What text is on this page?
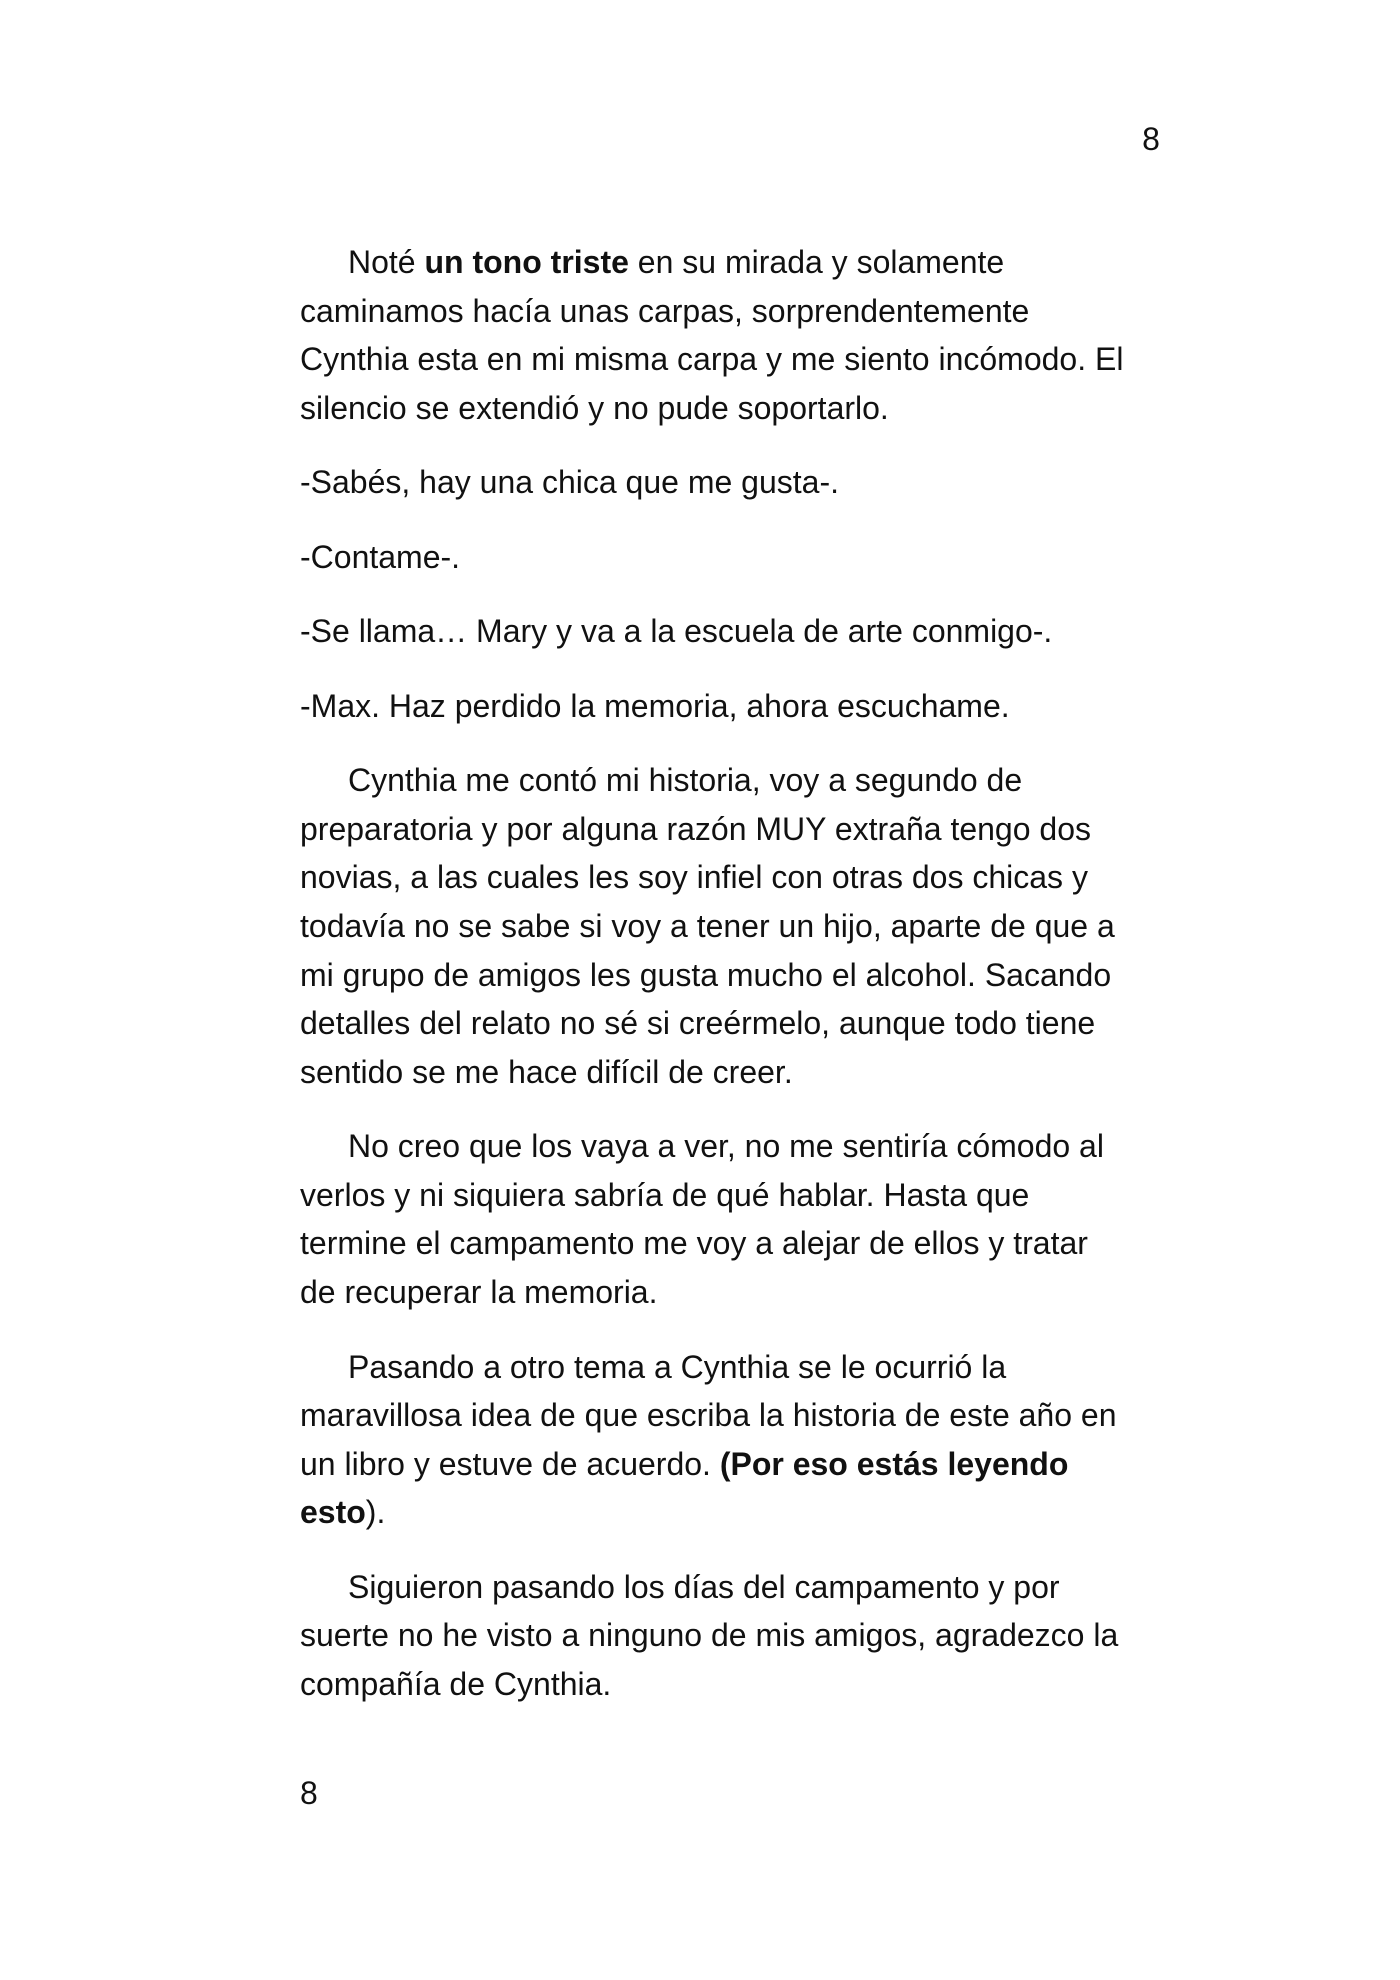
8
Noté un tono triste en su mirada y solamente
caminamos hacía unas carpas, sorprendentemente
Cynthia esta en mi misma carpa y me siento incómodo. El
silencio se extendió y no pude soportarlo.
-Sabés, hay una chica que me gusta-.
-Contame-.
-Se llama… Mary y va a la escuela de arte conmigo-.
-Max. Haz perdido la memoria, ahora escuchame.
Cynthia me contó mi historia, voy a segundo de
preparatoria y por alguna razón MUY extraña tengo dos
novias, a las cuales les soy infiel con otras dos chicas y
todavía no se sabe si voy a tener un hijo, aparte de que a
mi grupo de amigos les gusta mucho el alcohol. Sacando
detalles del relato no sé si creérmelo, aunque todo tiene
sentido se me hace difícil de creer.
No creo que los vaya a ver, no me sentiría cómodo al
verlos y ni siquiera sabría de qué hablar. Hasta que
termine el campamento me voy a alejar de ellos y tratar
de recuperar la memoria.
Pasando a otro tema a Cynthia se le ocurrió la
maravillosa idea de que escriba la historia de este año en
un libro y estuve de acuerdo. (Por eso estás leyendo
esto).
Siguieron pasando los días del campamento y por
suerte no he visto a ninguno de mis amigos, agradezco la
compañía de Cynthia.
8
